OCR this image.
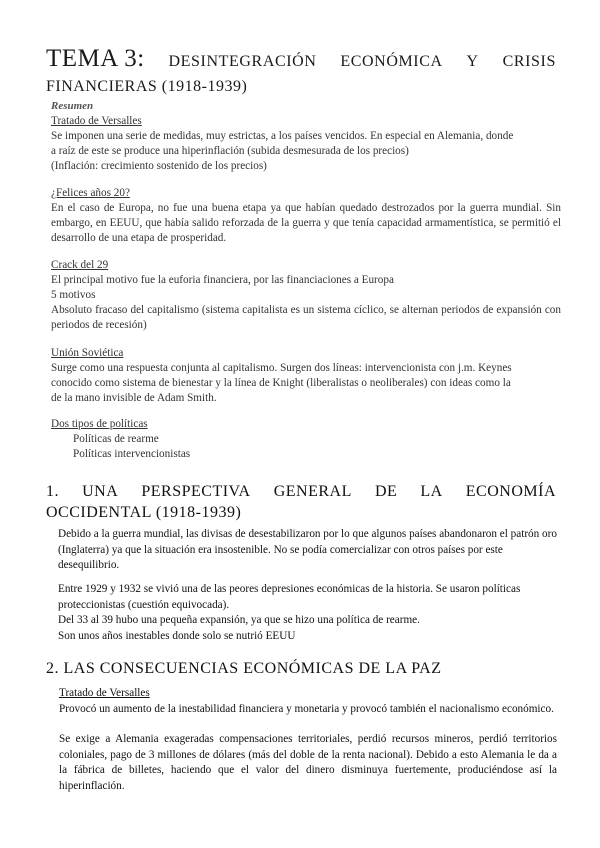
TEMA 3: DESINTEGRACIÓN ECONÓMICA Y CRISIS
FINANCIERAS (1918-1939)
Resumen
Tratado de Versalles
Se imponen una serie de medidas, muy estrictas, a los países vencidos. En especial en Alemania, donde
a raíz de este se produce una hiperinflación (subida desmesurada de los precios)
(Inflación: crecimiento sostenido de los precios)
¿Felices años 20?
En el caso de Europa, no fue una buena etapa ya que habían quedado destrozados por la guerra mundial. Sin embargo, en EEUU, que había salido reforzada de la guerra y que tenía capacidad armamentística, se permitió el desarrollo de una etapa de prosperidad.
Crack del 29
El principal motivo fue la euforia financiera, por las financiaciones a Europa
5 motivos
Absoluto fracaso del capitalismo (sistema capitalista es un sistema cíclico, se alternan periodos de expansión con periodos de recesión)
Unión Soviética
Surge como una respuesta conjunta al capitalismo. Surgen dos líneas: intervencionista con j.m. Keynes
conocido como sistema de bienestar y la línea de Knight (liberalistas o neoliberales) con ideas como la
de la mano invisible de Adam Smith.
Dos tipos de políticas
Políticas de rearme
Políticas intervencionistas
1. UNA PERSPECTIVA GENERAL DE LA ECONOMÍA
OCCIDENTAL (1918-1939)
Debido a la guerra mundial, las divisas de desestabilizaron por lo que algunos países abandonaron el patrón oro (Inglaterra) ya que la situación era insostenible. No se podía comercializar con otros países por este desequilibrio.
Entre 1929 y 1932 se vivió una de las peores depresiones económicas de la historia. Se usaron políticas
proteccionistas (cuestión equivocada).
Del 33 al 39 hubo una pequeña expansión, ya que se hizo una política de rearme.
Son unos años inestables donde solo se nutrió EEUU
2. LAS CONSECUENCIAS ECONÓMICAS DE LA PAZ
Tratado de Versalles
Provocó un aumento de la inestabilidad financiera y monetaria y provocó también el nacionalismo económico.
Se exige a Alemania exageradas compensaciones territoriales, perdió recursos mineros, perdió territorios coloniales, pago de 3 millones de dólares (más del doble de la renta nacional). Debido a esto Alemania le da a la fábrica de billetes, haciendo que el valor del dinero disminuya fuertemente, produciéndose así la hiperinflación.
